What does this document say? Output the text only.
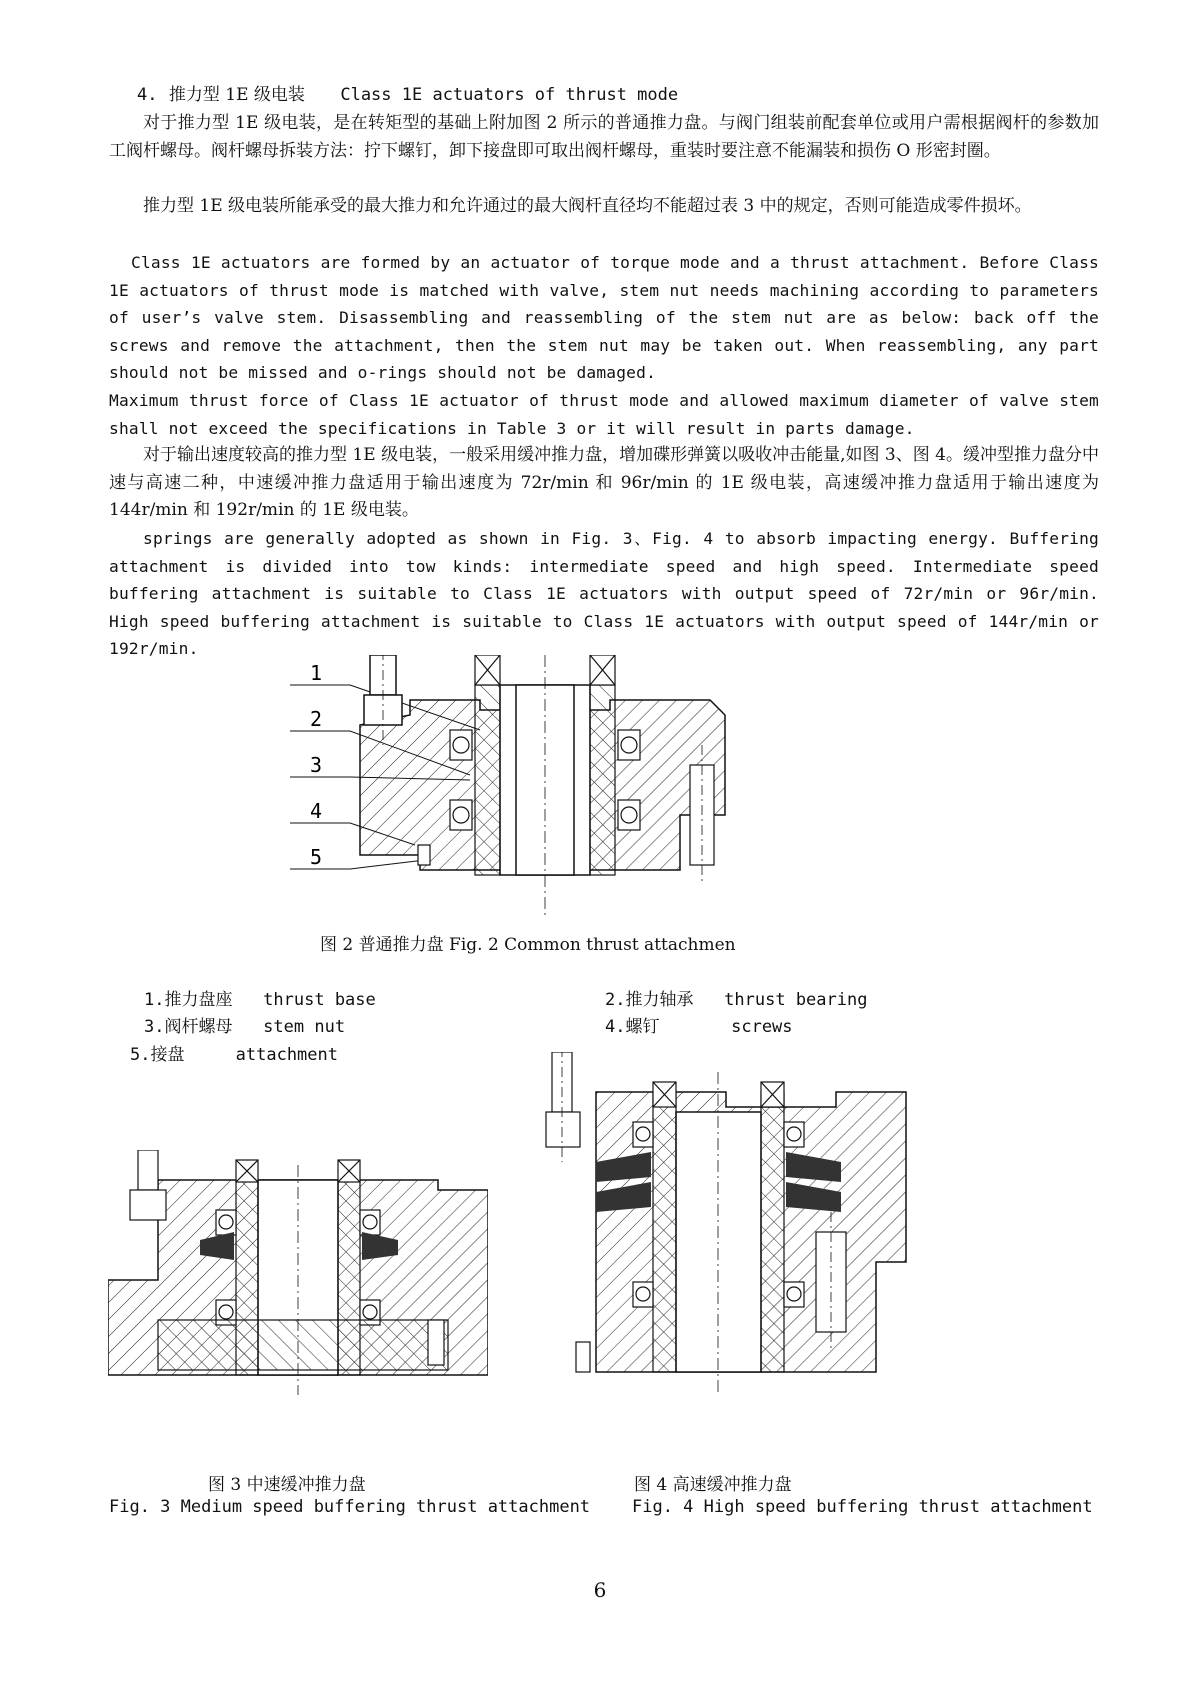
4. 推力型 1E 级电装 Class 1E actuators of thrust mode

对于推力型 1E 级电装，是在转矩型的基础上附加图 2 所示的普通推力盘。与阀门组装前配套单位或用户需根据阀杆的参数加工阀杆螺母。阀杆螺母拆装方法：拧下螺钉，卸下接盘即可取出阀杆螺母，重装时要注意不能漏装和损伤 O 形密封圈。

推力型 1E 级电装所能承受的最大推力和允许通过的最大阀杆直径均不能超过表 3 中的规定，否则可能造成零件损坏。

Class 1E actuators are formed by an actuator of torque mode and a thrust attachment. Before Class 1E actuators of thrust mode is matched with valve, stem nut needs machining according to parameters of user’s valve stem. Disassembling and reassembling of the stem nut are as below: back off the screws and remove the attachment, then the stem nut may be taken out. When reassembling, any part should not be missed and o-rings should not be damaged.

Maximum thrust force of Class 1E actuator of thrust mode and allowed maximum diameter of valve stem shall not exceed the specifications in Table 3 or it will result in parts damage.

对于输出速度较高的推力型 1E 级电装，一般采用缓冲推力盘，增加碟形弹簧以吸收冲击能量,如图 3、图 4。缓冲型推力盘分中速与高速二种，中速缓冲推力盘适用于输出速度为 72r/min 和 96r/min 的 1E 级电装，高速缓冲推力盘适用于输出速度为 144r/min 和 192r/min 的 1E 级电装。

springs are generally adopted as shown in Fig. 3、Fig. 4 to absorb impacting energy. Buffering attachment is divided into tow kinds: intermediate speed and high speed. Intermediate speed buffering attachment is suitable to Class 1E actuators with output speed of 72r/min or 96r/min. High speed buffering attachment is suitable to Class 1E actuators with output speed of 144r/min or 192r/min.

1
2
3
4
5
图 2 普通推力盘 Fig. 2 Common thrust attachmen
1.推力盘座   thrust base	2.推力轴承   thrust bearing
3.阀杆螺母   stem nut	4.螺钉       screws
5.接盘     attachment
图 3 中速缓冲推力盘
Fig. 3 Medium speed buffering thrust attachment
图 4 高速缓冲推力盘
Fig. 4 High speed buffering thrust attachment
6
